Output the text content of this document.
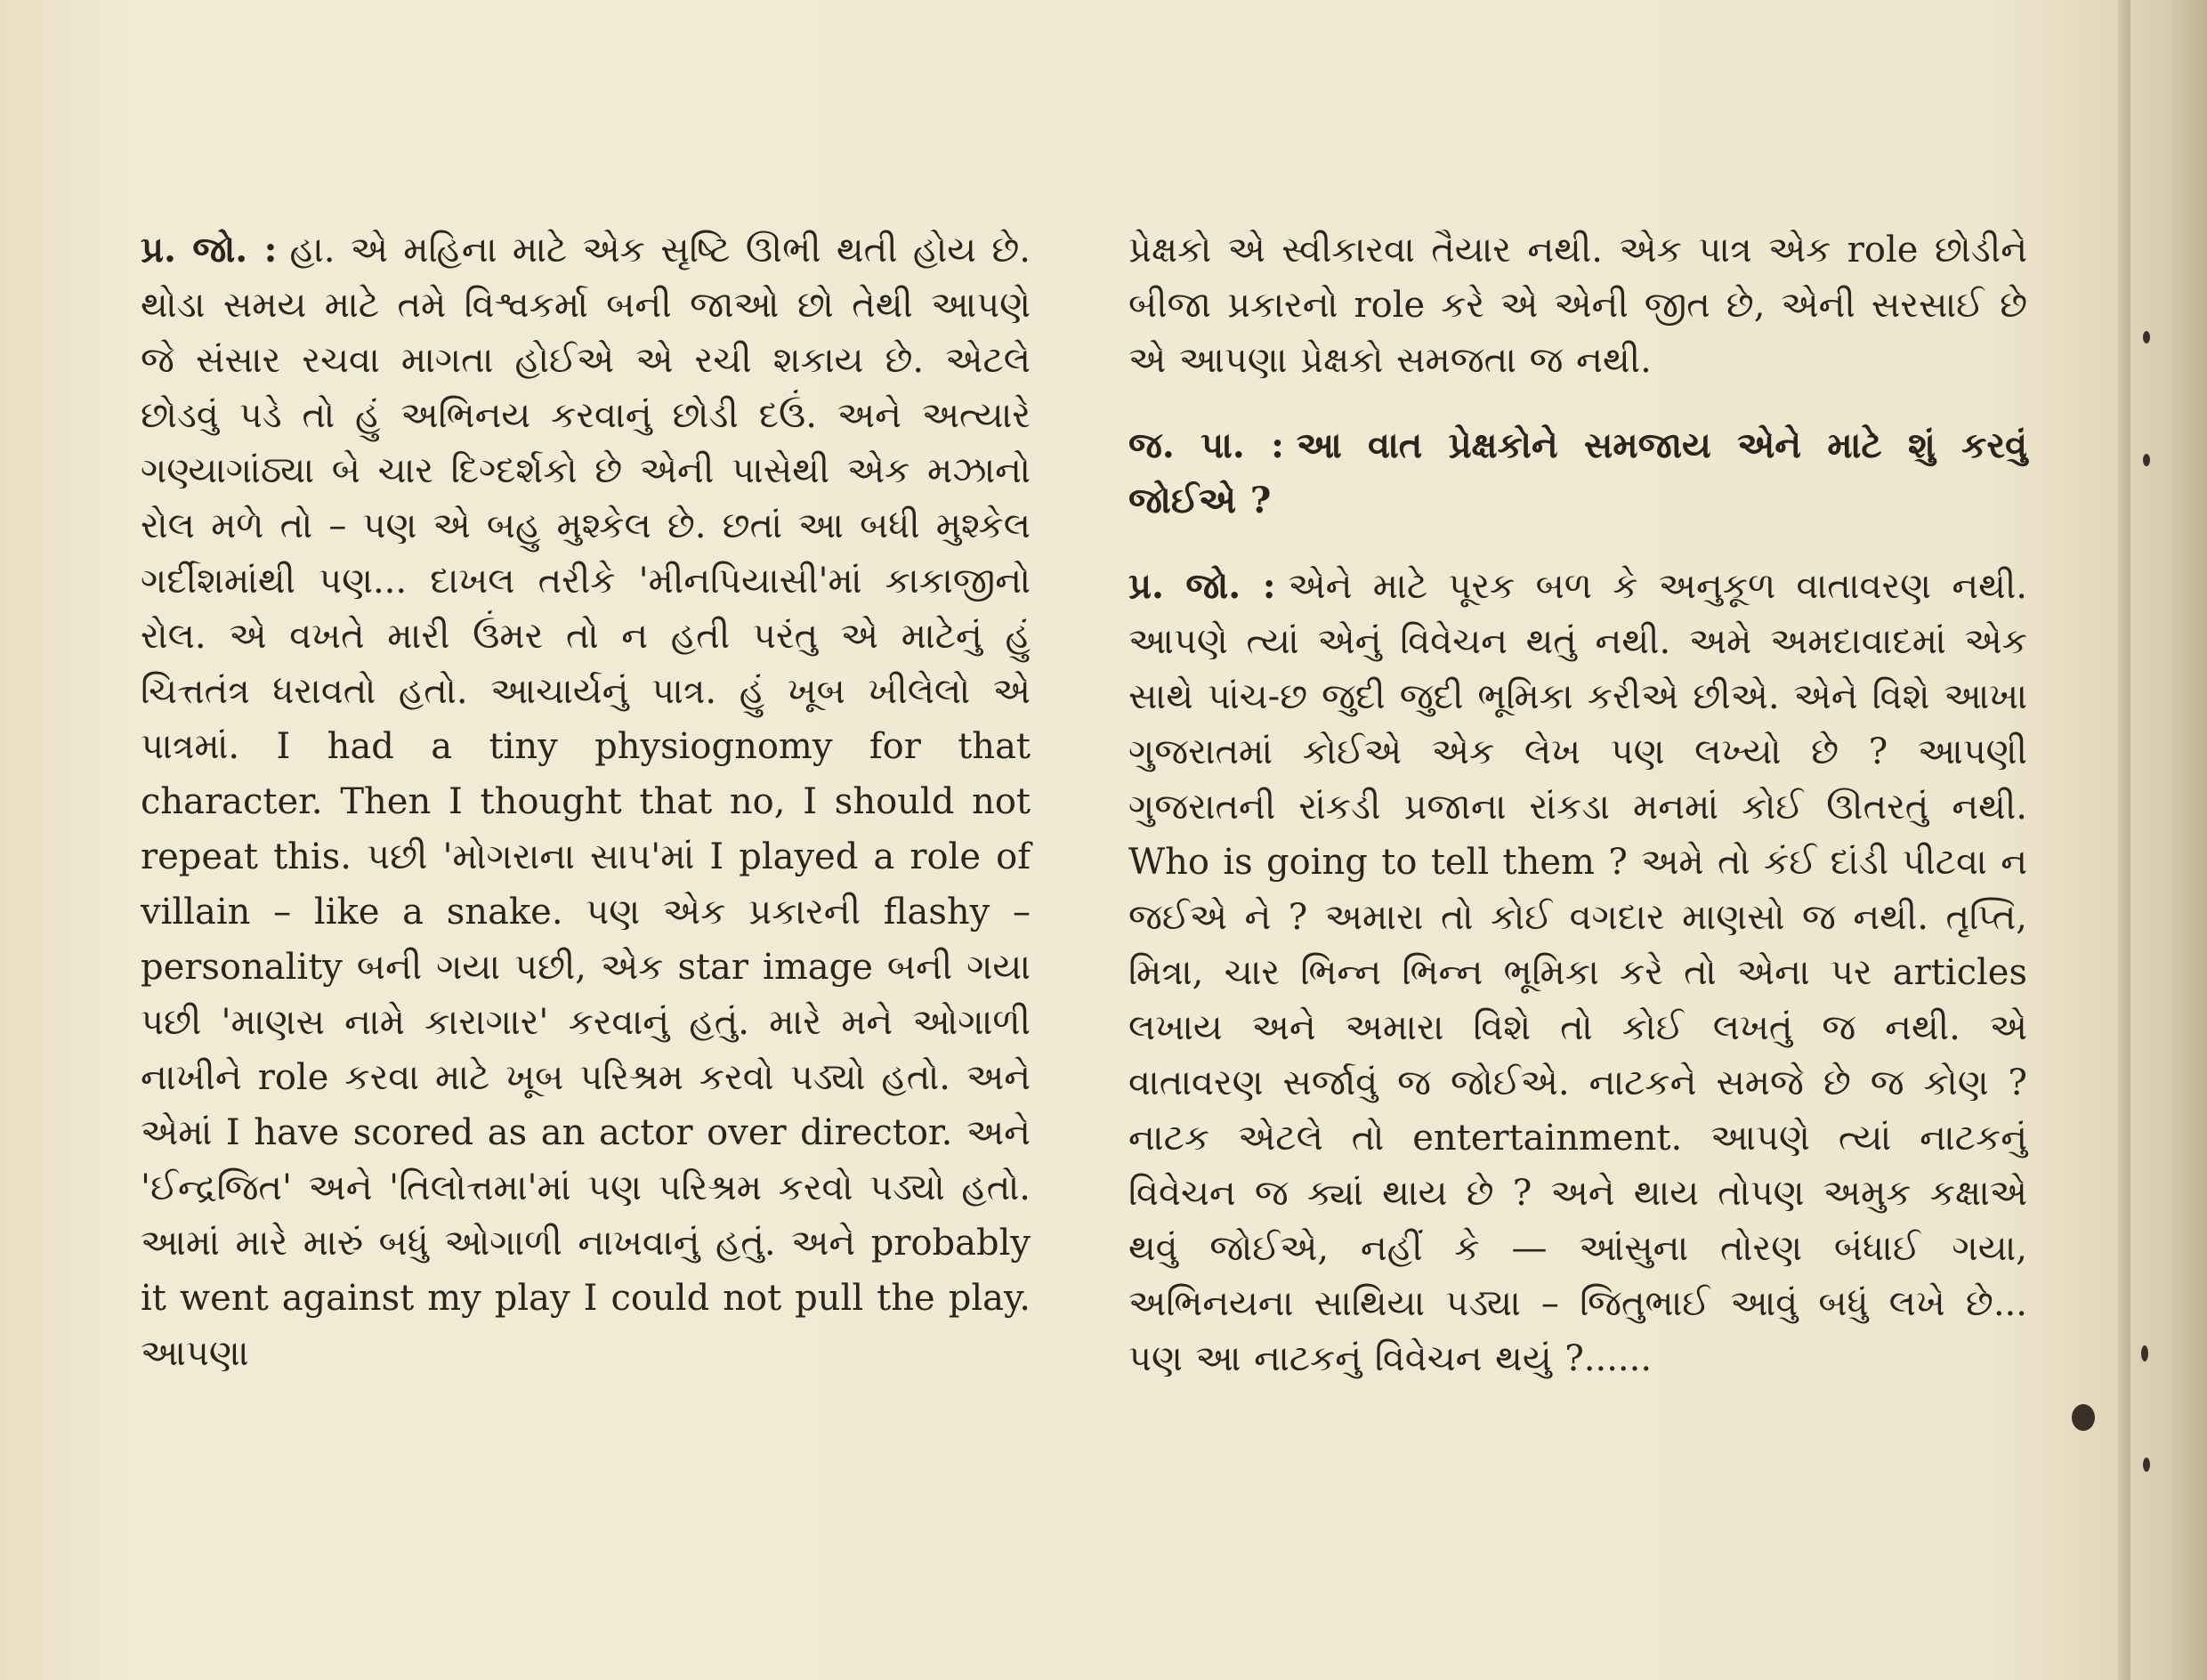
પ્ર. જો. : હા. એ મહિના માટે એક સૃષ્ટિ ઊભી થતી હોય છે. થોડા સમય માટે તમે વિશ્વકર્મા બની જાઓ છો તેથી આપણે જે સંસાર રચવા માગતા હોઈએ એ રચી શકાય છે. એટલે છોડવું પડે તો હું અભિનય કરવાનું છોડી દઉં. અને અત્યારે ગણ્યાગાંઠ્યા બે ચાર દિગ્દર્શકો છે એની પાસેથી એક મઝાનો રોલ મળે તો – પણ એ બહુ મુશ્કેલ છે. છતાં આ બધી મુશ્કેલ ગર્દીશમાંથી પણ... દાખલ તરીકે 'મીનપિયાસી'માં કાકાજીનો રોલ. એ વખતે મારી ઉંમર તો ન હતી પરંતુ એ માટેનું હું ચિત્તતંત્ર ધરાવતો હતો. આચાર્યનું પાત્ર. હું ખૂબ ખીલેલો એ પાત્રમાં. I had a tiny physiognomy for that character. Then I thought that no, I should not repeat this. પછી 'મોગરાના સાપ'માં I played a role of villain – like a snake. પણ એક પ્રકારની flashy – personality બની ગયા પછી, એક star image બની ગયા પછી 'માણસ નામે કારાગાર' કરવાનું હતું. મારે મને ઓગાળી નાખીને role કરવા માટે ખૂબ પરિશ્રમ કરવો પડ્યો હતો. અને એમાં I have scored as an actor over director. અને 'ઈન્દ્રજિત' અને 'તિલોત્તમા'માં પણ પરિશ્રમ કરવો પડ્યો હતો. આમાં મારે મારું બધું ઓગાળી નાખવાનું હતું. અને probably it went against my play I could not pull the play. આપણા

પ્રેક્ષકો એ સ્વીકારવા તૈયાર નથી. એક પાત્ર એક role છોડીને બીજા પ્રકારનો role કરે એ એની જીત છે, એની સરસાઈ છે એ આપણા પ્રેક્ષકો સમજતા જ નથી.

જ. પા. : આ વાત પ્રેક્ષકોને સમજાય એને માટે શું કરવું જોઈએ ?

પ્ર. જો. : એને માટે પૂરક બળ કે અનુકૂળ વાતાવરણ નથી. આપણે ત્યાં એનું વિવેચન થતું નથી. અમે અમદાવાદમાં એક સાથે પાંચ-છ જુદી જુદી ભૂમિકા કરીએ છીએ. એને વિશે આખા ગુજરાતમાં કોઈએ એક લેખ પણ લખ્યો છે ? આપણી ગુજરાતની રાંકડી પ્રજાના રાંકડા મનમાં કોઈ ઊતરતું નથી. Who is going to tell them ? અમે તો કંઈ દાંડી પીટવા ન જઈએ ને ? અમારા તો કોઈ વગદાર માણસો જ નથી. તૃપ્તિ, મિત્રા, ચાર ભિન્ન ભિન્ન ભૂમિકા કરે તો એના પર articles લખાય અને અમારા વિશે તો કોઈ લખતું જ નથી. એ વાતાવરણ સર્જાવું જ જોઈએ. નાટકને સમજે છે જ કોણ ? નાટક એટલે તો entertainment. આપણે ત્યાં નાટકનું વિવેચન જ ક્યાં થાય છે ? અને થાય તોપણ અમુક કક્ષાએ થવું જોઈએ, નહીં કે — આંસુના તોરણ બંધાઈ ગયા, અભિનયના સાથિયા પડ્યા – જિતુભાઈ આવું બધું લખે છે... પણ આ નાટકનું વિવેચન થયું ?......
